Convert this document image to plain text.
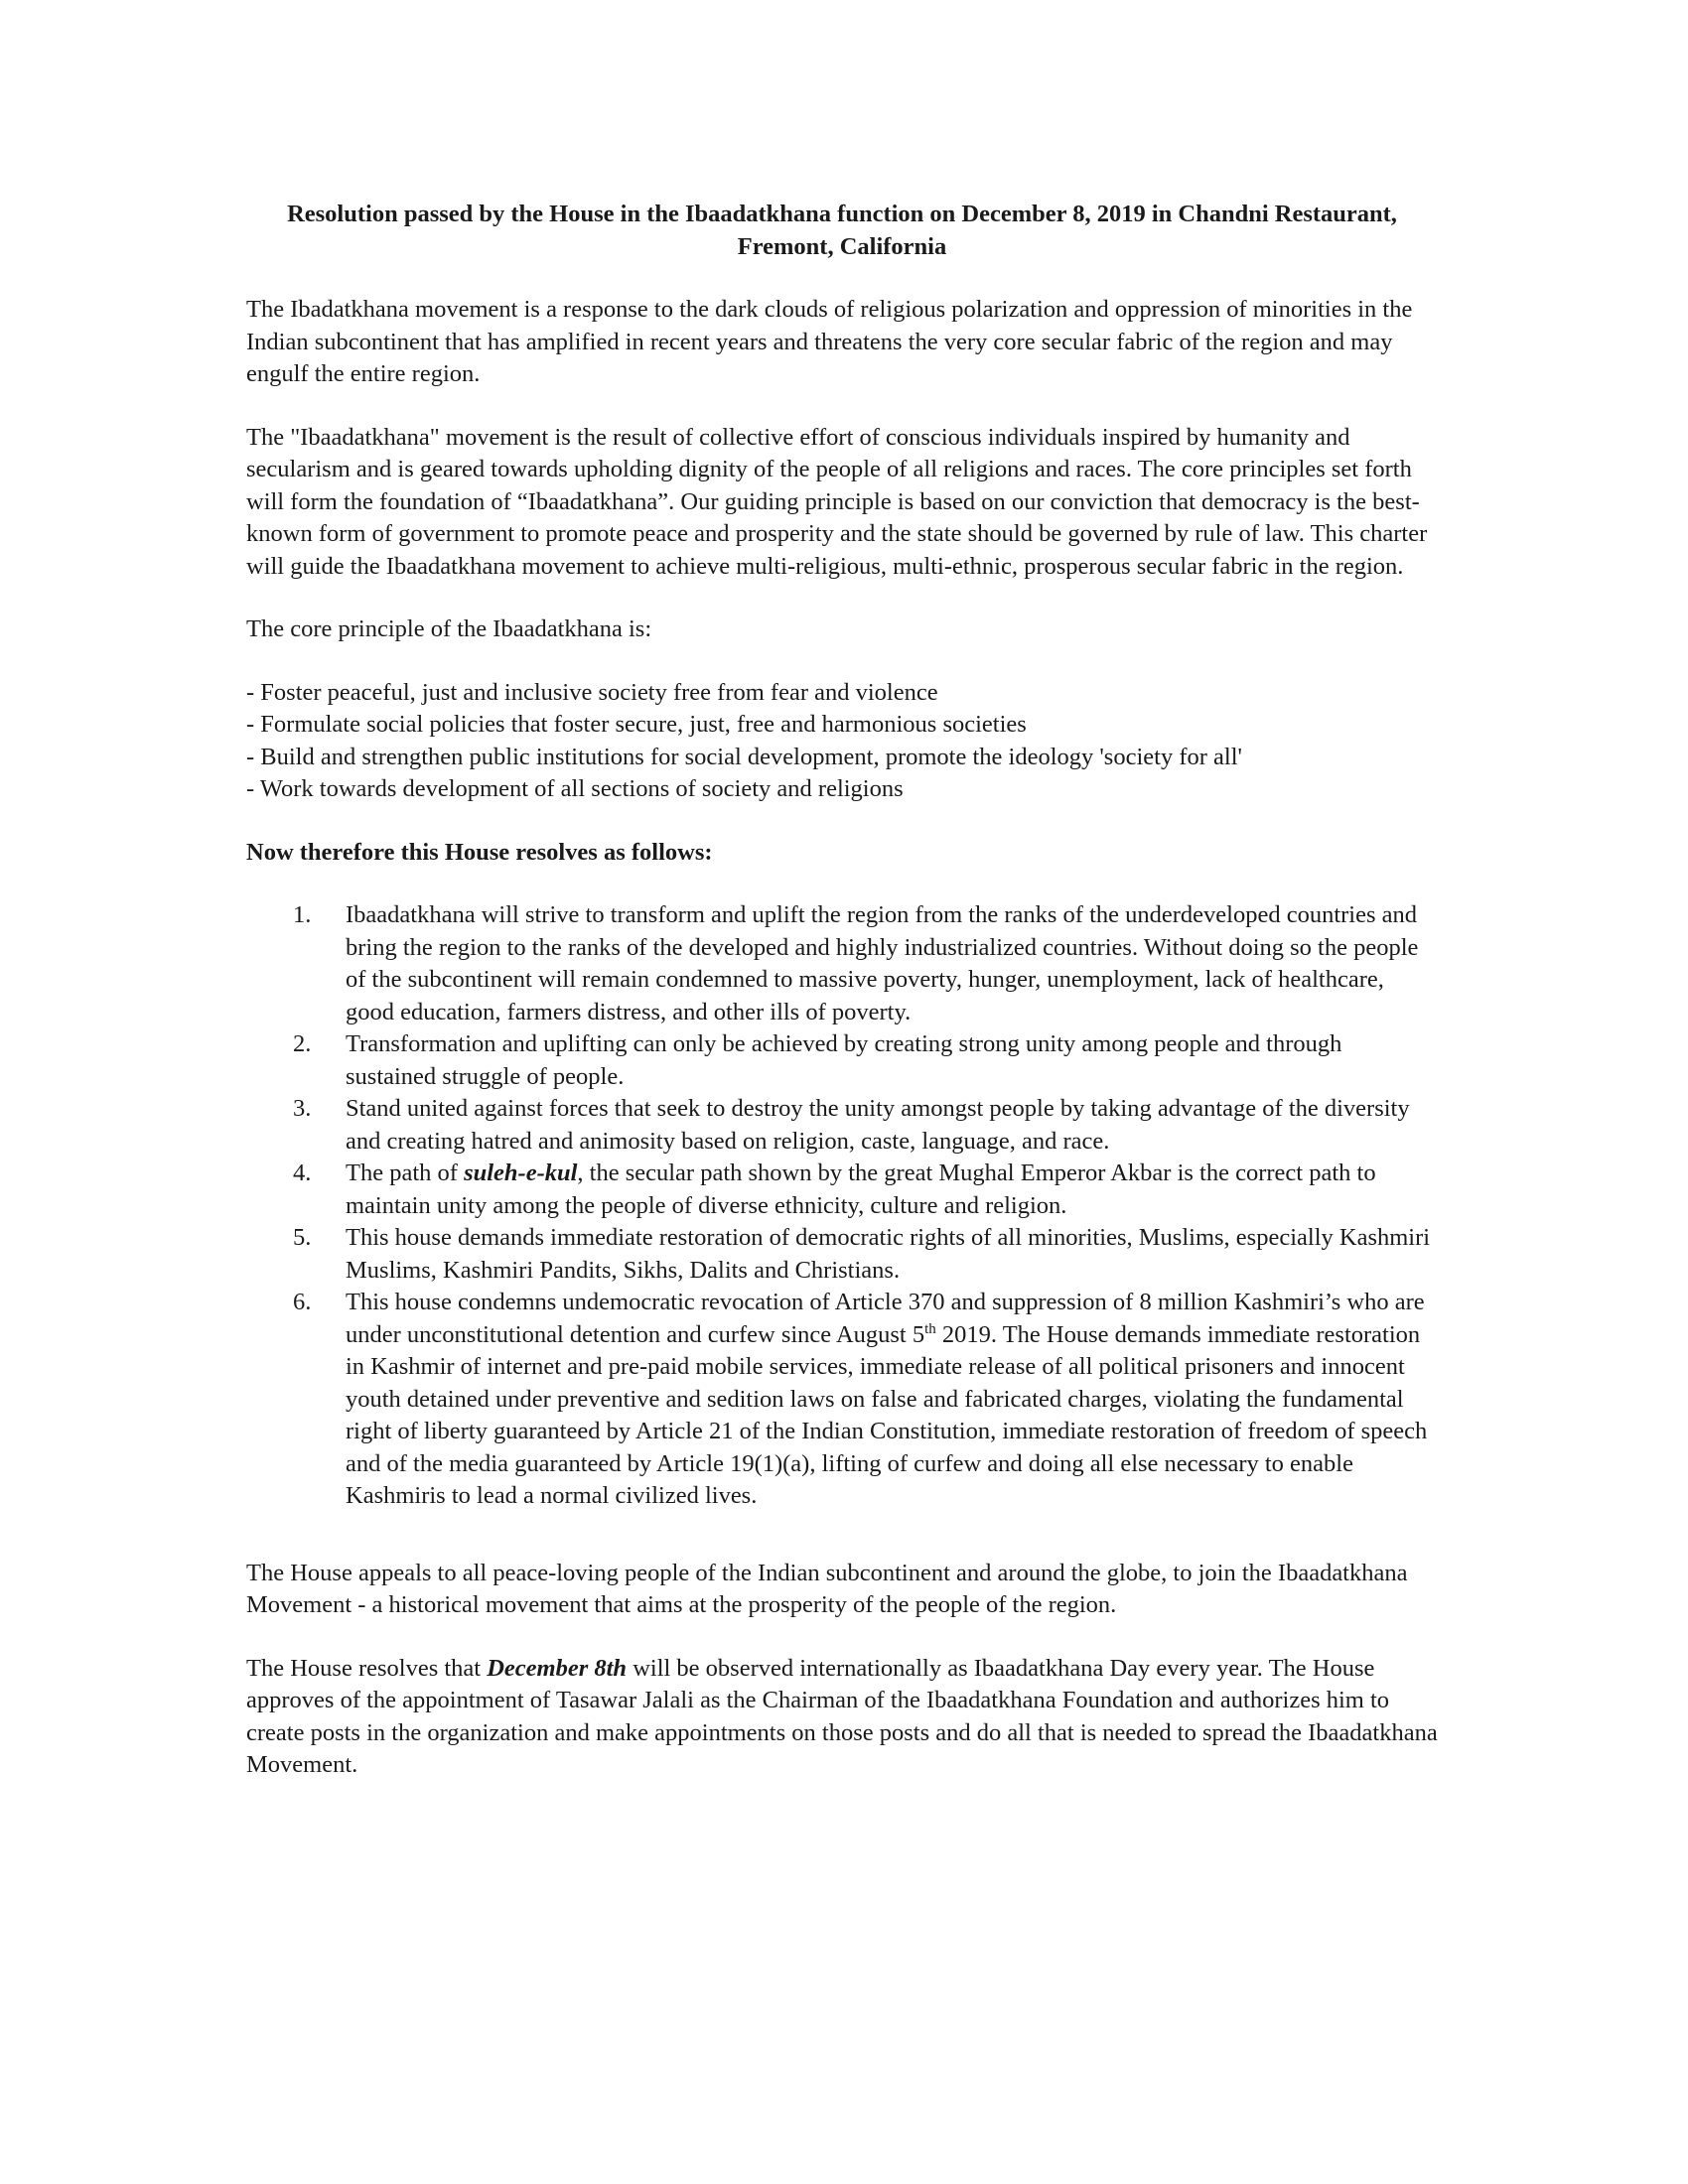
Resolution passed by the House in the Ibaadatkhana function on December 8, 2019 in Chandni Restaurant, Fremont, California

The Ibadatkhana movement is a response to the dark clouds of religious polarization and oppression of minorities in the Indian subcontinent that has amplified in recent years and threatens the very core secular fabric of the region and may engulf the entire region.

The "Ibaadatkhana" movement is the result of collective effort of conscious individuals inspired by humanity and secularism and is geared towards upholding dignity of the people of all religions and races. The core principles set forth will form the foundation of “Ibaadatkhana”. Our guiding principle is based on our conviction that democracy is the best-known form of government to promote peace and prosperity and the state should be governed by rule of law. This charter will guide the Ibaadatkhana movement to achieve multi-religious, multi-ethnic, prosperous secular fabric in the region.

The core principle of the Ibaadatkhana is:

- Foster peaceful, just and inclusive society free from fear and violence
- Formulate social policies that foster secure, just, free and harmonious societies
- Build and strengthen public institutions for social development, promote the ideology 'society for all'
- Work towards development of all sections of society and religions
Now therefore this House resolves as follows:
1. Ibaadatkhana will strive to transform and uplift the region from the ranks of the underdeveloped countries and bring the region to the ranks of the developed and highly industrialized countries. Without doing so the people of the subcontinent will remain condemned to massive poverty, hunger, unemployment, lack of healthcare, good education, farmers distress, and other ills of poverty.
2. Transformation and uplifting can only be achieved by creating strong unity among people and through sustained struggle of people.
3. Stand united against forces that seek to destroy the unity amongst people by taking advantage of the diversity and creating hatred and animosity based on religion, caste, language, and race.
4. The path of suleh-e-kul, the secular path shown by the great Mughal Emperor Akbar is the correct path to maintain unity among the people of diverse ethnicity, culture and religion.
5. This house demands immediate restoration of democratic rights of all minorities, Muslims, especially Kashmiri Muslims, Kashmiri Pandits, Sikhs, Dalits and Christians.
6. This house condemns undemocratic revocation of Article 370 and suppression of 8 million Kashmiri’s who are under unconstitutional detention and curfew since August 5th 2019. The House demands immediate restoration in Kashmir of internet and pre-paid mobile services, immediate release of all political prisoners and innocent youth detained under preventive and sedition laws on false and fabricated charges, violating the fundamental right of liberty guaranteed by Article 21 of the Indian Constitution, immediate restoration of freedom of speech and of the media guaranteed by Article 19(1)(a), lifting of curfew and doing all else necessary to enable Kashmiris to lead a normal civilized lives.

The House appeals to all peace-loving people of the Indian subcontinent and around the globe, to join the Ibaadatkhana Movement - a historical movement that aims at the prosperity of the people of the region.

The House resolves that December 8th will be observed internationally as Ibaadatkhana Day every year. The House approves of the appointment of Tasawar Jalali as the Chairman of the Ibaadatkhana Foundation and authorizes him to create posts in the organization and make appointments on those posts and do all that is needed to spread the Ibaadatkhana Movement.
